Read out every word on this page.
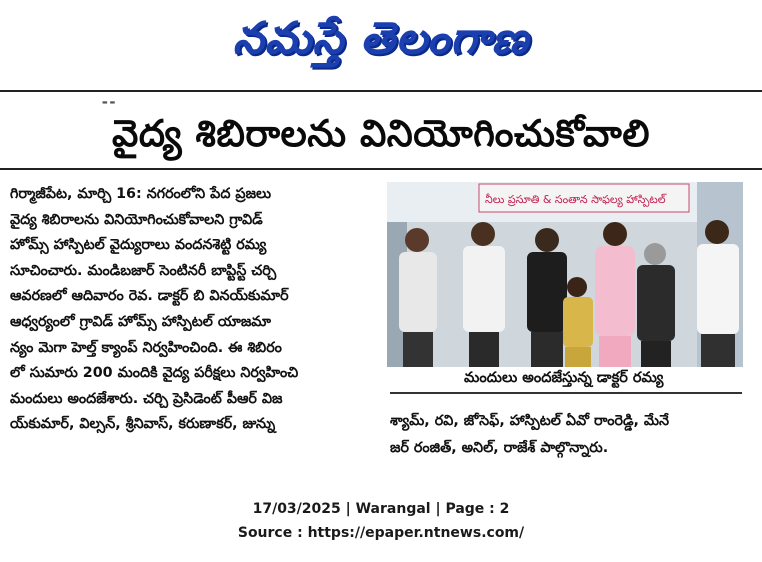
నమస్తే తెలంగాణ
▬ ▬
వైద్య శిబిరాలను వినియోగించుకోవాలి
గిర్మాజీపేట, మార్చి 16: నగరంలోని పేద ప్రజలు
వైద్య శిబిరాలను వినియోగించుకోవాలని గ్రావిడ్
హోమ్స్ హాస్పిటల్ వైద్యురాలు వందనశెట్టి రమ్య
సూచించారు. మండిబజార్ సెంటినరీ బాప్టిస్ట్ చర్చి
ఆవరణలో ఆదివారం రెవ. డాక్టర్ బి వినయ్‌కుమార్
ఆధ్వర్యంలో గ్రావిడ్ హోమ్స్ హాస్పిటల్ యాజమా
న్యం మెగా హెల్త్ క్యాంప్ నిర్వహించింది. ఈ శిబిరం
లో సుమారు 200 మందికి వైద్య పరీక్షలు నిర్వహించి
మందులు అందజేశారు. చర్చి ప్రెసిడెంట్ పీఆర్ విజ
య్‌కుమార్, విల్సన్, శ్రీనివాస్, కరుణాకర్, జున్ను
నీలు ప్రసూతి & సంతాన సాఫల్య హాస్పిటల్
మందులు అందజేస్తున్న డాక్టర్ రమ్య
శ్యామ్, రవి, జోసెఫ్, హాస్పిటల్ ఏవో రాంరెడ్డి, మేనే
జర్ రంజిత్, అనిల్, రాజేశ్ పాల్గొన్నారు.
17/03/2025 | Warangal | Page : 2
Source : https://epaper.ntnews.com/
